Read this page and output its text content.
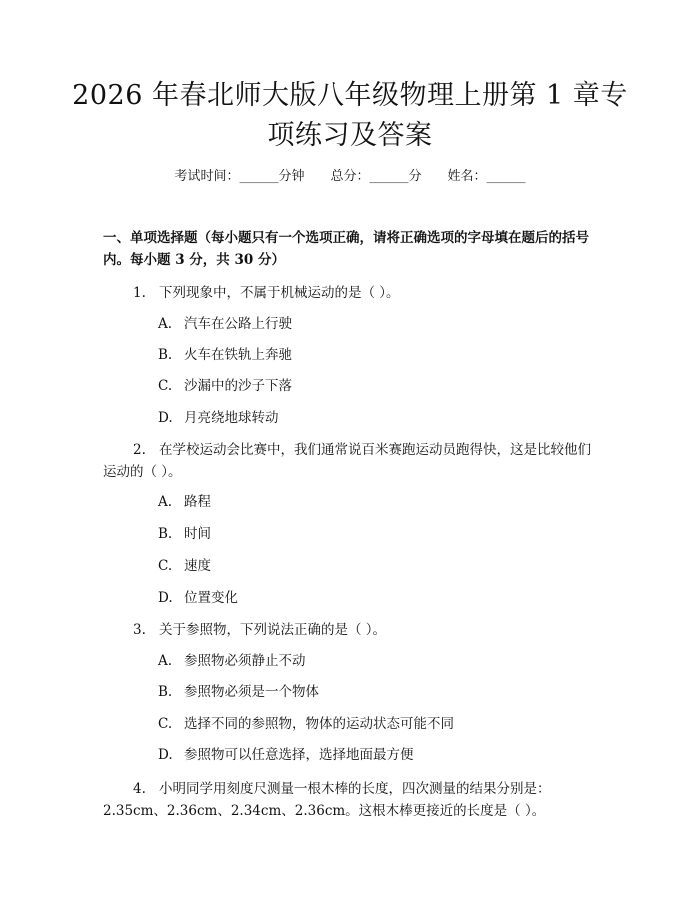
2026 年春北师大版八年级物理上册第 1 章专项练习及答案
考试时间：______分钟 总分：______分 姓名：______
一、单项选择题（每小题只有一个选项正确，请将正确选项的字母填在题后的括号内。每小题 3 分，共 30 分）
1. 下列现象中，不属于机械运动的是（ ）。
A. 汽车在公路上行驶
B. 火车在铁轨上奔驰
C. 沙漏中的沙子下落
D. 月亮绕地球转动
2. 在学校运动会比赛中，我们通常说百米赛跑运动员跑得快，这是比较他们运动的（ ）。
A. 路程
B. 时间
C. 速度
D. 位置变化
3. 关于参照物，下列说法正确的是（ ）。
A. 参照物必须静止不动
B. 参照物必须是一个物体
C. 选择不同的参照物，物体的运动状态可能不同
D. 参照物可以任意选择，选择地面最方便
4. 小明同学用刻度尺测量一根木棒的长度，四次测量的结果分别是：2.35cm、2.36cm、2.34cm、2.36cm。这根木棒更接近的长度是（ ）。
